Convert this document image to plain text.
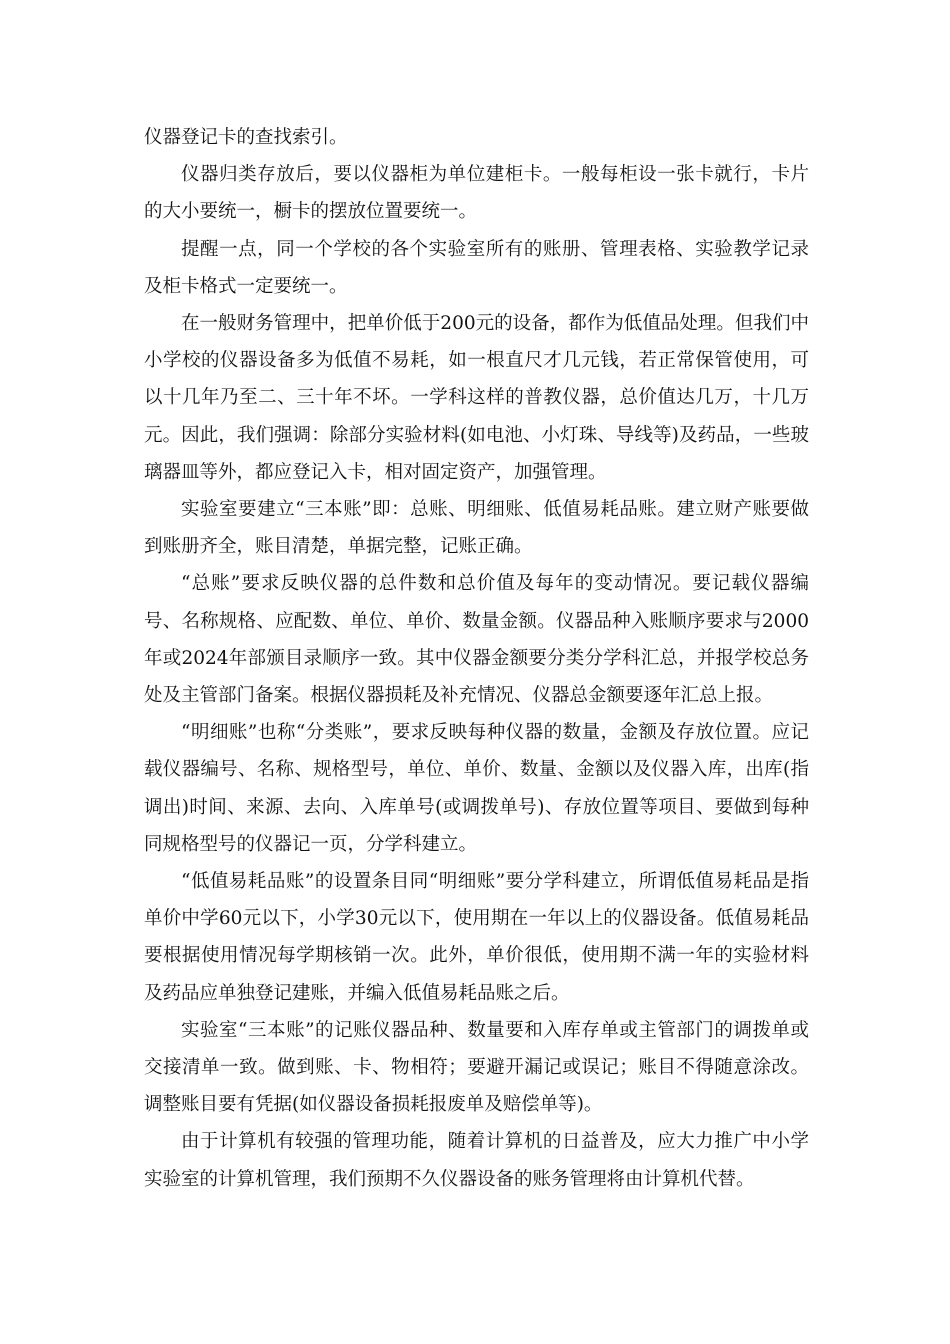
仪器登记卡的查找索引。

仪器归类存放后，要以仪器柜为单位建柜卡。一般每柜设一张卡就行，卡片的大小要统一，橱卡的摆放位置要统一。

提醒一点，同一个学校的各个实验室所有的账册、管理表格、实验教学记录及柜卡格式一定要统一。

在一般财务管理中，把单价低于200元的设备，都作为低值品处理。但我们中小学校的仪器设备多为低值不易耗，如一根直尺才几元钱，若正常保管使用，可以十几年乃至二、三十年不坏。一学科这样的普教仪器，总价值达几万，十几万元。因此，我们强调：除部分实验材料(如电池、小灯珠、导线等)及药品，一些玻璃器皿等外，都应登记入卡，相对固定资产，加强管理。

实验室要建立“三本账”即：总账、明细账、低值易耗品账。建立财产账要做到账册齐全，账目清楚，单据完整，记账正确。

“总账”要求反映仪器的总件数和总价值及每年的变动情况。要记载仪器编号、名称规格、应配数、单位、单价、数量金额。仪器品种入账顺序要求与2000年或2024年部颁目录顺序一致。其中仪器金额要分类分学科汇总，并报学校总务处及主管部门备案。根据仪器损耗及补充情况、仪器总金额要逐年汇总上报。

“明细账”也称“分类账”，要求反映每种仪器的数量，金额及存放位置。应记载仪器编号、名称、规格型号，单位、单价、数量、金额以及仪器入库，出库(指调出)时间、来源、去向、入库单号(或调拨单号)、存放位置等项目、要做到每种同规格型号的仪器记一页，分学科建立。

“低值易耗品账”的设置条目同“明细账”要分学科建立，所谓低值易耗品是指单价中学60元以下，小学30元以下，使用期在一年以上的仪器设备。低值易耗品要根据使用情况每学期核销一次。此外，单价很低，使用期不满一年的实验材料及药品应单独登记建账，并编入低值易耗品账之后。

实验室“三本账”的记账仪器品种、数量要和入库存单或主管部门的调拨单或交接清单一致。做到账、卡、物相符；要避开漏记或误记；账目不得随意涂改。调整账目要有凭据(如仪器设备损耗报废单及赔偿单等)。

由于计算机有较强的管理功能，随着计算机的日益普及，应大力推广中小学实验室的计算机管理，我们预期不久仪器设备的账务管理将由计算机代替。
